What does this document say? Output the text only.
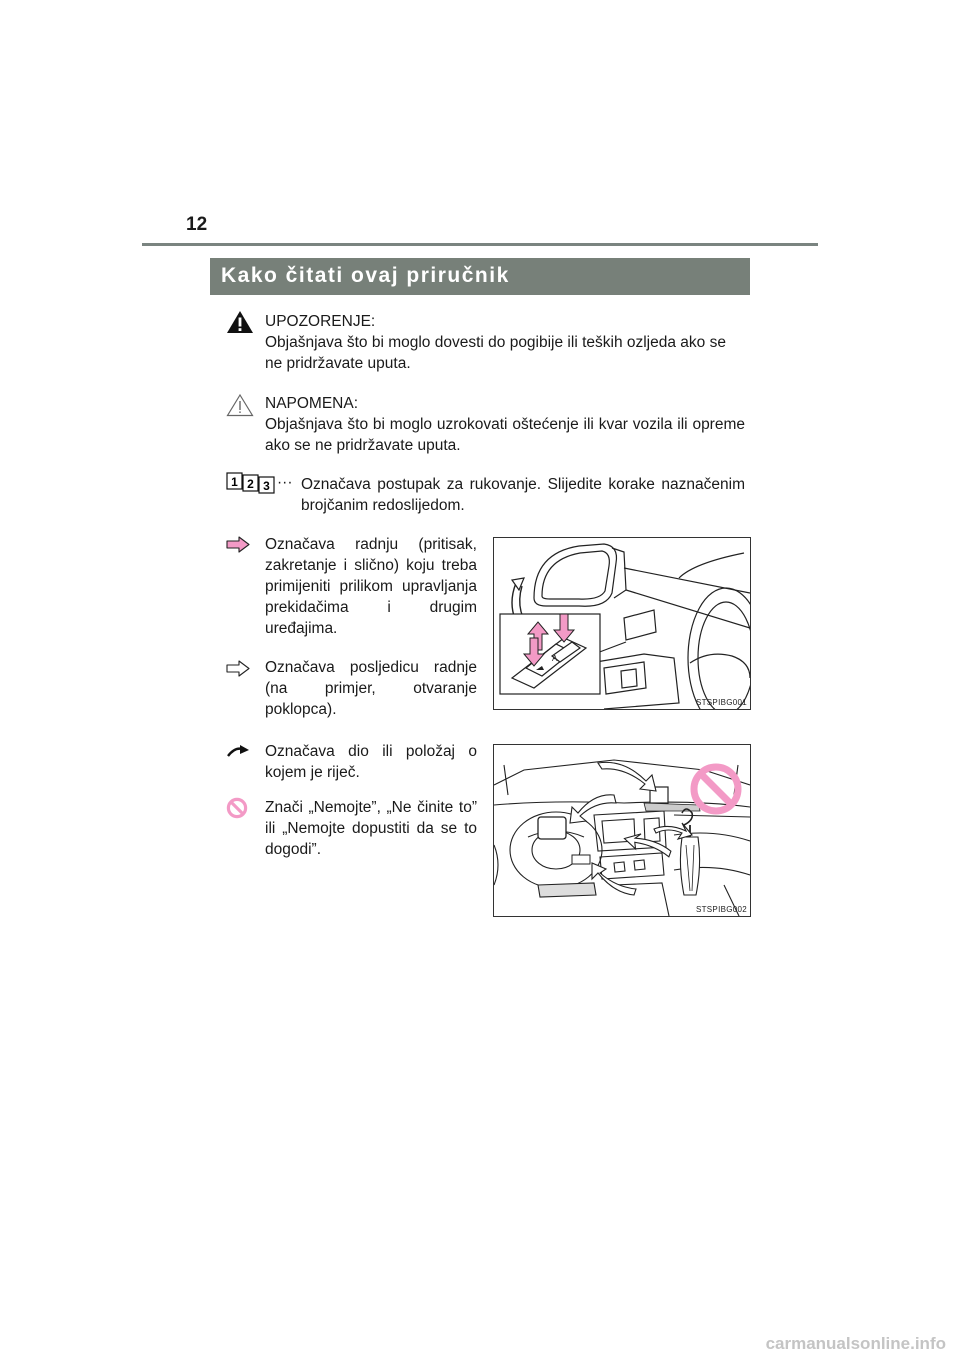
12
Kako čitati ovaj priručnik
UPOZORENJE:
Objašnjava što bi moglo dovesti do pogibije ili teških ozljeda ako se ne pridržavate uputa.
NAPOMENA:
Objašnjava što bi moglo uzrokovati oštećenje ili kvar vozila ili opreme ako se ne pridržavate uputa.
1 2 3 ··· Označava postupak za rukovanje. Slijedite korake naznačenim brojčanim redoslijedom.
Označava radnju (pritisak, zakretanje i slično) koju treba primijeniti prilikom upravljanja prekidačima i drugim uređajima.
Označava posljedicu radnje (na primjer, otvaranje poklopca).
Označava dio ili položaj o kojem je riječ.
Znači „Nemojte”, „Ne činite to” ili „Nemojte dopustiti da se to dogodi”.
A
STSPIBG001
STSPIBG002
carmanualsonline.info
